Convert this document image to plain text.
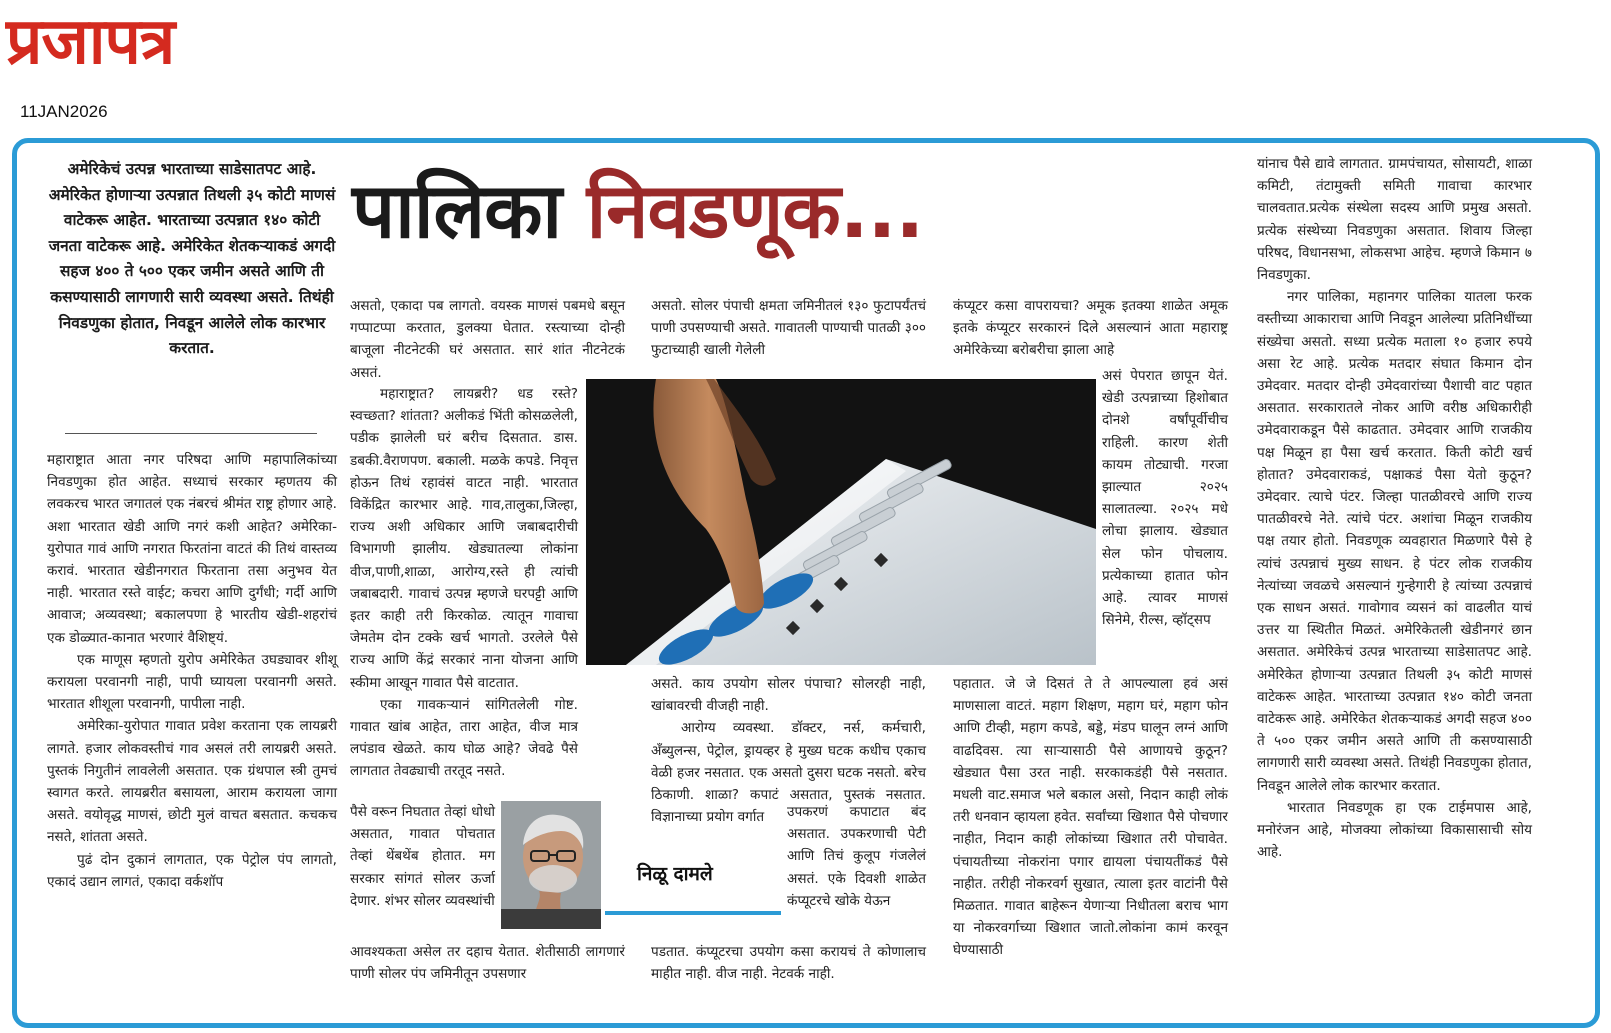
प्रजापत्र
11JAN2026
अमेरिकेचं उत्पन्न भारताच्या साडेसातपट आहे. अमेरिकेत होणाऱ्या उत्पन्नात तिथली ३५ कोटी माणसं वाटेकरू आहेत. भारताच्या उत्पन्नात १४० कोटी जनता वाटेकरू आहे. अमेरिकेत शेतकऱ्याकडं अगदी सहज ४०० ते ५०० एकर जमीन असते आणि ती कसण्यासाठी लागणारी सारी व्यवस्था असते. तिथंही निवडणुका होतात, निवडून आलेले लोक कारभार करतात.
पालिका निवडणूक...

महाराष्ट्रात आता नगर परिषदा आणि महापालिकांच्या निवडणुका होत आहेत. सध्याचं सरकार म्हणतय की लवकरच भारत जगातलं एक नंबरचं श्रीमंत राष्ट्र होणार आहे. अशा भारतात खेडी आणि नगरं कशी आहेत? अमेरिका-युरोपात गावं आणि नगरात फिरतांना वाटतं की तिथं वास्तव्य करावं. भारतात खेडीनगरात फिरताना तसा अनुभव येत नाही. भारतात रस्ते वाईट; कचरा आणि दुर्गंधी; गर्दी आणि आवाज; अव्यवस्था; बकालपणा हे भारतीय खेडी-शहरांचं एक डोळ्यात-कानात भरणारं वैशिष्ट्यं.

एक माणूस म्हणतो युरोप अमेरिकेत उघड्यावर शीशू करायला परवानगी नाही, पापी घ्यायला परवानगी असते. भारतात शीशूला परवानगी, पापीला नाही.

अमेरिका-युरोपात गावात प्रवेश करताना एक लायब्ररी लागते. हजार लोकवस्तीचं गाव असलं तरी लायब्ररी असते. पुस्तकं निगुतीनं लावलेली असतात. एक ग्रंथपाल स्त्री तुमचं स्वागत करते. लायब्ररीत बसायला, आराम करायला जागा असते. वयोवृद्ध माणसं, छोटी मुलं वाचत बसतात. कचकच नसते, शांतता असते.

पुढं दोन दुकानं लागतात, एक पेट्रोल पंप लागतो, एकादं उद्यान लागतं, एकादा वर्कशॉप

असतो, एकादा पब लागतो. वयस्क माणसं पबमधे बसून गप्पाटप्पा करतात, डुलक्या घेतात. रस्त्याच्या दोन्ही बाजूला नीटनेटकी घरं असतात. सारं शांत नीटनेटकं असतं.

महाराष्ट्रात? लायब्ररी? धड रस्ते? स्वच्छता? शांतता? अलीकडं भिंती कोसळलेली, पडीक झालेली घरं बरीच दिसतात. डास. डबकी.वैराणपण. बकाली. मळके कपडे. निवृत्त होऊन तिथं रहावंसं वाटत नाही. भारतात विकेंद्रित कारभार आहे. गाव,तालुका,जिल्हा, राज्य अशी अधिकार आणि जबाबदारीची विभागणी झालीय. खेड्यातल्या लोकांना वीज,पाणी,शाळा, आरोग्य,रस्ते ही त्यांची जबाबदारी. गावाचं उत्पन्न म्हणजे घरपट्टी आणि इतर काही तरी किरकोळ. त्यातून गावाचा जेमतेम दोन टक्के खर्च भागतो. उरलेले पैसे राज्य आणि केंद्रं सरकारं नाना योजना आणि स्कीमा आखून गावात पैसे वाटतात.

एका गावकऱ्यानं सांगितलेली गोष्ट. गावात खांब आहेत, तारा आहेत, वीज मात्र लपंडाव खेळते. काय घोळ आहे? जेवढे पैसे लागतात तेवढ्याची तरतूद नसते.

पैसे वरून निघतात तेव्हां धोधो असतात, गावात पोचतात तेव्हां थेंबथेंब होतात. मग सरकार सांगतं सोलर ऊर्जा देणार. शंभर सोलर व्यवस्थांची

आवश्यकता असेल तर दहाच येतात. शेतीसाठी लागणारं पाणी सोलर पंप जमिनीतून उपसणार

असतो. सोलर पंपाची क्षमता जमिनीतलं १३० फुटापर्यंतचं पाणी उपसण्याची असते. गावातली पाण्याची पातळी ३०० फुटाच्याही खाली गेलेली

असते. काय उपयोग सोलर पंपाचा? सोलरही नाही, खांबावरची वीजही नाही.

आरोग्य व्यवस्था. डॉक्टर, नर्स, कर्मचारी, अँब्युलन्स, पेट्रोल, ड्रायव्हर हे मुख्य घटक कधीच एकाच वेळी हजर नसतात. एक असतो दुसरा घटक नसतो. बरेच ठिकाणी. शाळा? कपाटं असतात, पुस्तकं नसतात. विज्ञानाच्या प्रयोग वर्गात	उपकरणं कपाटात बंद असतात. उपकरणाची पेटी आणि तिचं कुलूप गंजलेलं असतं. एके दिवशी शाळेत कंप्यूटरचे खोके येऊन

पडतात. कंप्यूटरचा उपयोग कसा करायचं ते कोणालाच माहीत नाही. वीज नाही. नेटवर्क नाही.

कंप्यूटर कसा वापरायचा? अमूक इतक्या शाळेत अमूक इतके कंप्यूटर सरकारनं दिले असल्यानं आता महाराष्ट्र अमेरिकेच्या बरोबरीचा झाला आहे

असं पेपरात छापून येतं. खेडी उत्पन्नाच्या हिशोबात दोनशे वर्षांपूर्वीचीच राहिली. कारण शेती कायम तोट्याची. गरजा झाल्यात २०२५ सालातल्या. २०२५ मधे लोचा झालाय. खेड्यात सेल फोन पोचलाय. प्रत्येकाच्या हातात फोन आहे. त्यावर माणसं सिनेमे, रील्स, व्हॉट्सप

पहातात. जे जे दिसतं ते ते आपल्याला हवं असं माणसाला वाटतं. महाग शिक्षण, महाग घरं, महाग फोन आणि टीव्ही, महाग कपडे, बड्डे, मंडप घालून लग्नं आणि वाढदिवस. त्या साऱ्यासाठी पैसे आणायचे कुठून? खेड्यात पैसा उरत नाही. सरकाकडंही पैसे नसतात. मधली वाट.समाज भले बकाल असो, निदान काही लोकं तरी धनवान व्हायला हवेत. सर्वांच्या खिशात पैसे पोचणार नाहीत, निदान काही लोकांच्या खिशात तरी पोचावेत. पंचायतीच्या नोकरांना पगार द्यायला पंचायतींकडं पैसे नाहीत. तरीही नोकरवर्ग सुखात, त्याला इतर वाटांनी पैसे मिळतात. गावात बाहेरून येणाऱ्या निधीतला बराच भाग या नोकरवर्गाच्या खिशात जातो.लोकांना कामं करवून घेण्यासाठी

यांनाच पैसे द्यावे लागतात. ग्रामपंचायत, सोसायटी, शाळा कमिटी, तंटामुक्ती समिती गावाचा कारभार चालवतात.प्रत्येक संस्थेला सदस्य आणि प्रमुख असतो. प्रत्येक संस्थेच्या निवडणुका असतात. शिवाय जिल्हा परिषद, विधानसभा, लोकसभा आहेच. म्हणजे किमान ७ निवडणुका.

नगर पालिका, महानगर पालिका यातला फरक वस्तीच्या आकाराचा आणि निवडून आलेल्या प्रतिनिधींच्या संख्येचा असतो. सध्या प्रत्येक मताला १० हजार रुपये असा रेट आहे. प्रत्येक मतदार संघात किमान दोन उमेदवार. मतदार दोन्ही उमेदवारांच्या पैशाची वाट पहात असतात. सरकारातले नोकर आणि वरीष्ठ अधिकारीही उमेदवाराकडून पैसे काढतात. उमेदवार आणि राजकीय पक्ष मिळून हा पैसा खर्च करतात. किती कोटी खर्च होतात? उमेदवाराकडं, पक्षाकडं पैसा येतो कुठून? उमेदवार. त्याचे पंटर. जिल्हा पातळीवरचे आणि राज्य पातळीवरचे नेते. त्यांचे पंटर. अशांचा मिळून राजकीय पक्ष तयार होतो. निवडणूक व्यवहारात मिळणारे पैसे हे त्यांचं उत्पन्नाचं मुख्य साधन. हे पंटर लोक राजकीय नेत्यांच्या जवळचे असल्यानं गुन्हेगारी हे त्यांच्या उत्पन्नाचं एक साधन असतं. गावोगाव व्यसनं कां वाढलीत याचं उत्तर या स्थितीत मिळतं. अमेरिकेतली खेडीनगरं छान असतात. अमेरिकेचं उत्पन्न भारताच्या साडेसातपट आहे. अमेरिकेत होणाऱ्या उत्पन्नात तिथली ३५ कोटी माणसं वाटेकरू आहेत. भारताच्या उत्पन्नात १४० कोटी जनता वाटेकरू आहे. अमेरिकेत शेतकऱ्याकडं अगदी सहज ४०० ते ५०० एकर जमीन असते आणि ती कसण्यासाठी लागणारी सारी व्यवस्था असते. तिथंही निवडणुका होतात, निवडून आलेले लोक कारभार करतात.

भारतात निवडणूक हा एक टाईमपास आहे, मनोरंजन आहे, मोजक्या लोकांच्या विकासासाची सोय आहे.

निळू दामले
